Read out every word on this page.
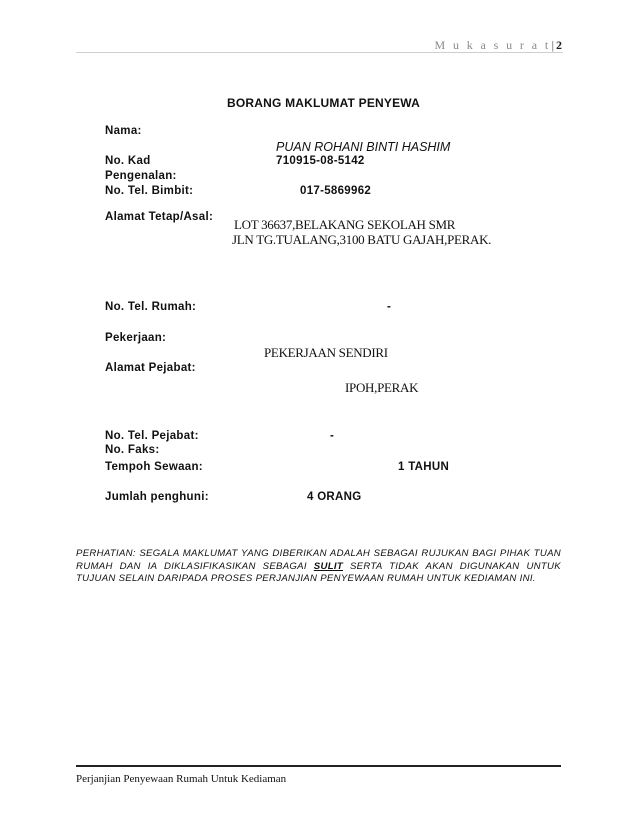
M u k a s u r a t| 2
BORANG MAKLUMAT PENYEWA
Nama:
PUAN ROHANI BINTI HASHIM
No. Kad
Pengenalan:
710915-08-5142
No. Tel. Bimbit:	017-5869962
Alamat Tetap/Asal: LOT 36637,BELAKANG SEKOLAH SMR
JLN TG.TUALANG,3100 BATU GAJAH,PERAK.
No. Tel. Rumah:	-
Pekerjaan:
PEKERJAAN SENDIRI
Alamat Pejabat:
IPOH,PERAK
No. Tel. Pejabat:	-
No. Faks:
Tempoh Sewaan:	1 TAHUN
Jumlah penghuni:	4 ORANG
PERHATIAN: SEGALA MAKLUMAT YANG DIBERIKAN ADALAH SEBAGAI RUJUKAN BAGI PIHAK TUAN RUMAH DAN IA DIKLASIFIKASIKAN SEBAGAI SULIT SERTA TIDAK AKAN DIGUNAKAN UNTUK TUJUAN SELAIN DARIPADA PROSES PERJANJIAN PENYEWAAN RUMAH UNTUK KEDIAMAN INI.
Perjanjian Penyewaan Rumah Untuk Kediaman
